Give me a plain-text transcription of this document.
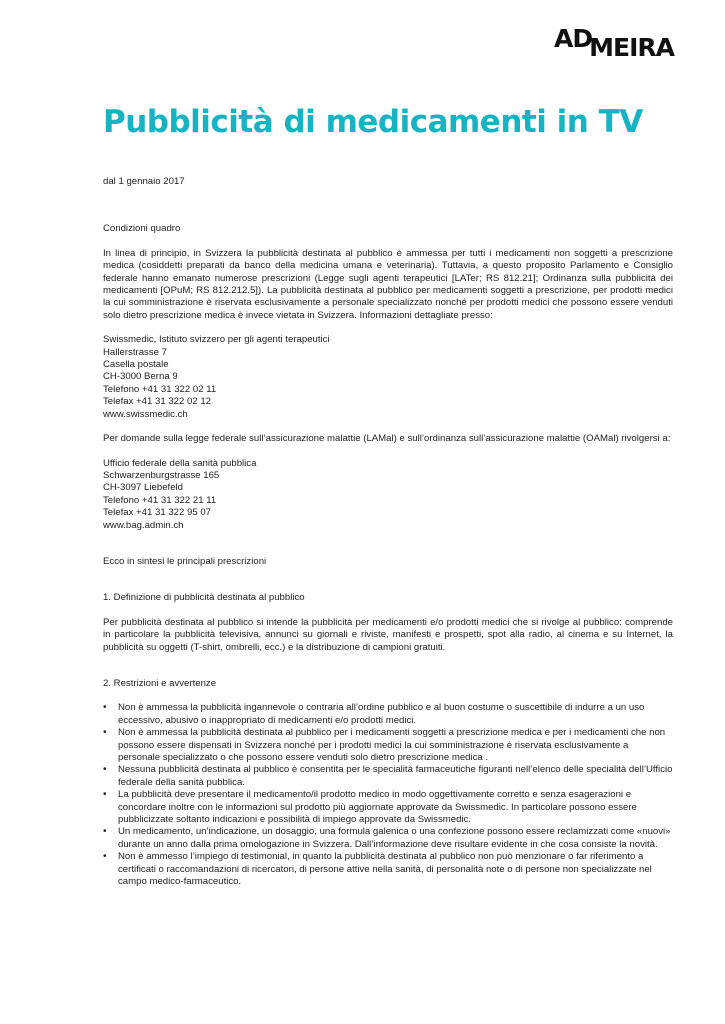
AD
MEIRA
Pubblicità di medicamenti in TV

dal 1 gennaio 2017

Condizioni quadro

In linea di principio, in Svizzera la pubblicità destinata al pubblico è ammessa per tutti i medicamenti non soggetti a prescrizione medica (cosiddetti preparati da banco della medicina umana e veterinaria). Tuttavia, a questo proposito Parlamento e Consiglio federale hanno emanato numerose prescrizioni (Legge sugli agenti terapeutici [LATer; RS 812.21]; Ordinanza sulla pubblicità dei medicamenti [OPuM; RS 812.212.5]). La pubblicità destinata al pubblico per medicamenti soggetti a prescrizione, per prodotti medici la cui somministrazione è riservata esclusivamente a personale specializzato nonché per prodotti medici che possono essere venduti solo dietro prescrizione medica è invece vietata in Svizzera. Informazioni dettagliate presso:

Swissmedic, Istituto svizzero per gli agenti terapeutici
Hallerstrasse 7
Casella postale
CH-3000 Berna 9
Telefono +41 31 322 02 11
Telefax +41 31 322 02 12
www.swissmedic.ch

Per domande sulla legge federale sull’assicurazione malattie (LAMal) e sull’ordinanza sull’assicurazione malattie (OAMal) rivolgersi a:

Ufficio federale della sanità pubblica
Schwarzenburgstrasse 165
CH-3097 Liebefeld
Telefono +41 31 322 21 11
Telefax +41 31 322 95 07
www.bag.admin.ch

Ecco in sintesi le principali prescrizioni

1. Definizione di pubblicità destinata al pubblico

Per pubblicità destinata al pubblico si intende la pubblicità per medicamenti e/o prodotti medici che si rivolge al pubblico: comprende in particolare la pubblicità televisiva, annunci su giornali e riviste, manifesti e prospetti, spot alla radio, al cinema e su Internet, la pubblicità su oggetti (T-shirt, ombrelli, ecc.) e la distribuzione di campioni gratuiti.

2. Restrizioni e avvertenze

• Non è ammessa la pubblicità ingannevole o contraria all’ordine pubblico e al buon costume o suscettibile di indurre a un uso eccessivo, abusivo o inappropriato di medicamenti e/o prodotti medici.
• Non è ammessa la pubblicità destinata al pubblico per i medicamenti soggetti a prescrizione medica e per i medicamenti che non possono essere dispensati in Svizzera nonché per i prodotti medici la cui somministrazione è riservata esclusivamente a personale specializzato o che possono essere venduti solo dietro prescrizione medica .
• Nessuna pubblicità destinata al pubblico è consentita per le specialità farmaceutiche figuranti nell’elenco delle specialità dell’Ufficio federale della sanità pubblica.
• La pubblicità deve presentare il medicamento/il prodotto medico in modo oggettivamente corretto e senza esagerazioni e concordare inoltre con le informazioni sul prodotto più aggiornate approvate da Swissmedic. In particolare possono essere pubblicizzate soltanto indicazioni e possibilità di impiego approvate da Swissmedic.
• Un medicamento, un’indicazione, un dosaggio, una formula galenica o una confezione possono essere reclamizzati come «nuovi» durante un anno dalla prima omologazione in Svizzera. Dall’informazione deve risultare evidente in che cosa consiste la novità.
• Non è ammesso l’impiego di testimonial, in quanto la pubblicità destinata al pubblico non può menzionare o far riferimento a certificati o raccomandazioni di ricercatori, di persone attive nella sanità, di personalità note o di persone non specializzate nel campo medico-farmaceutico.
